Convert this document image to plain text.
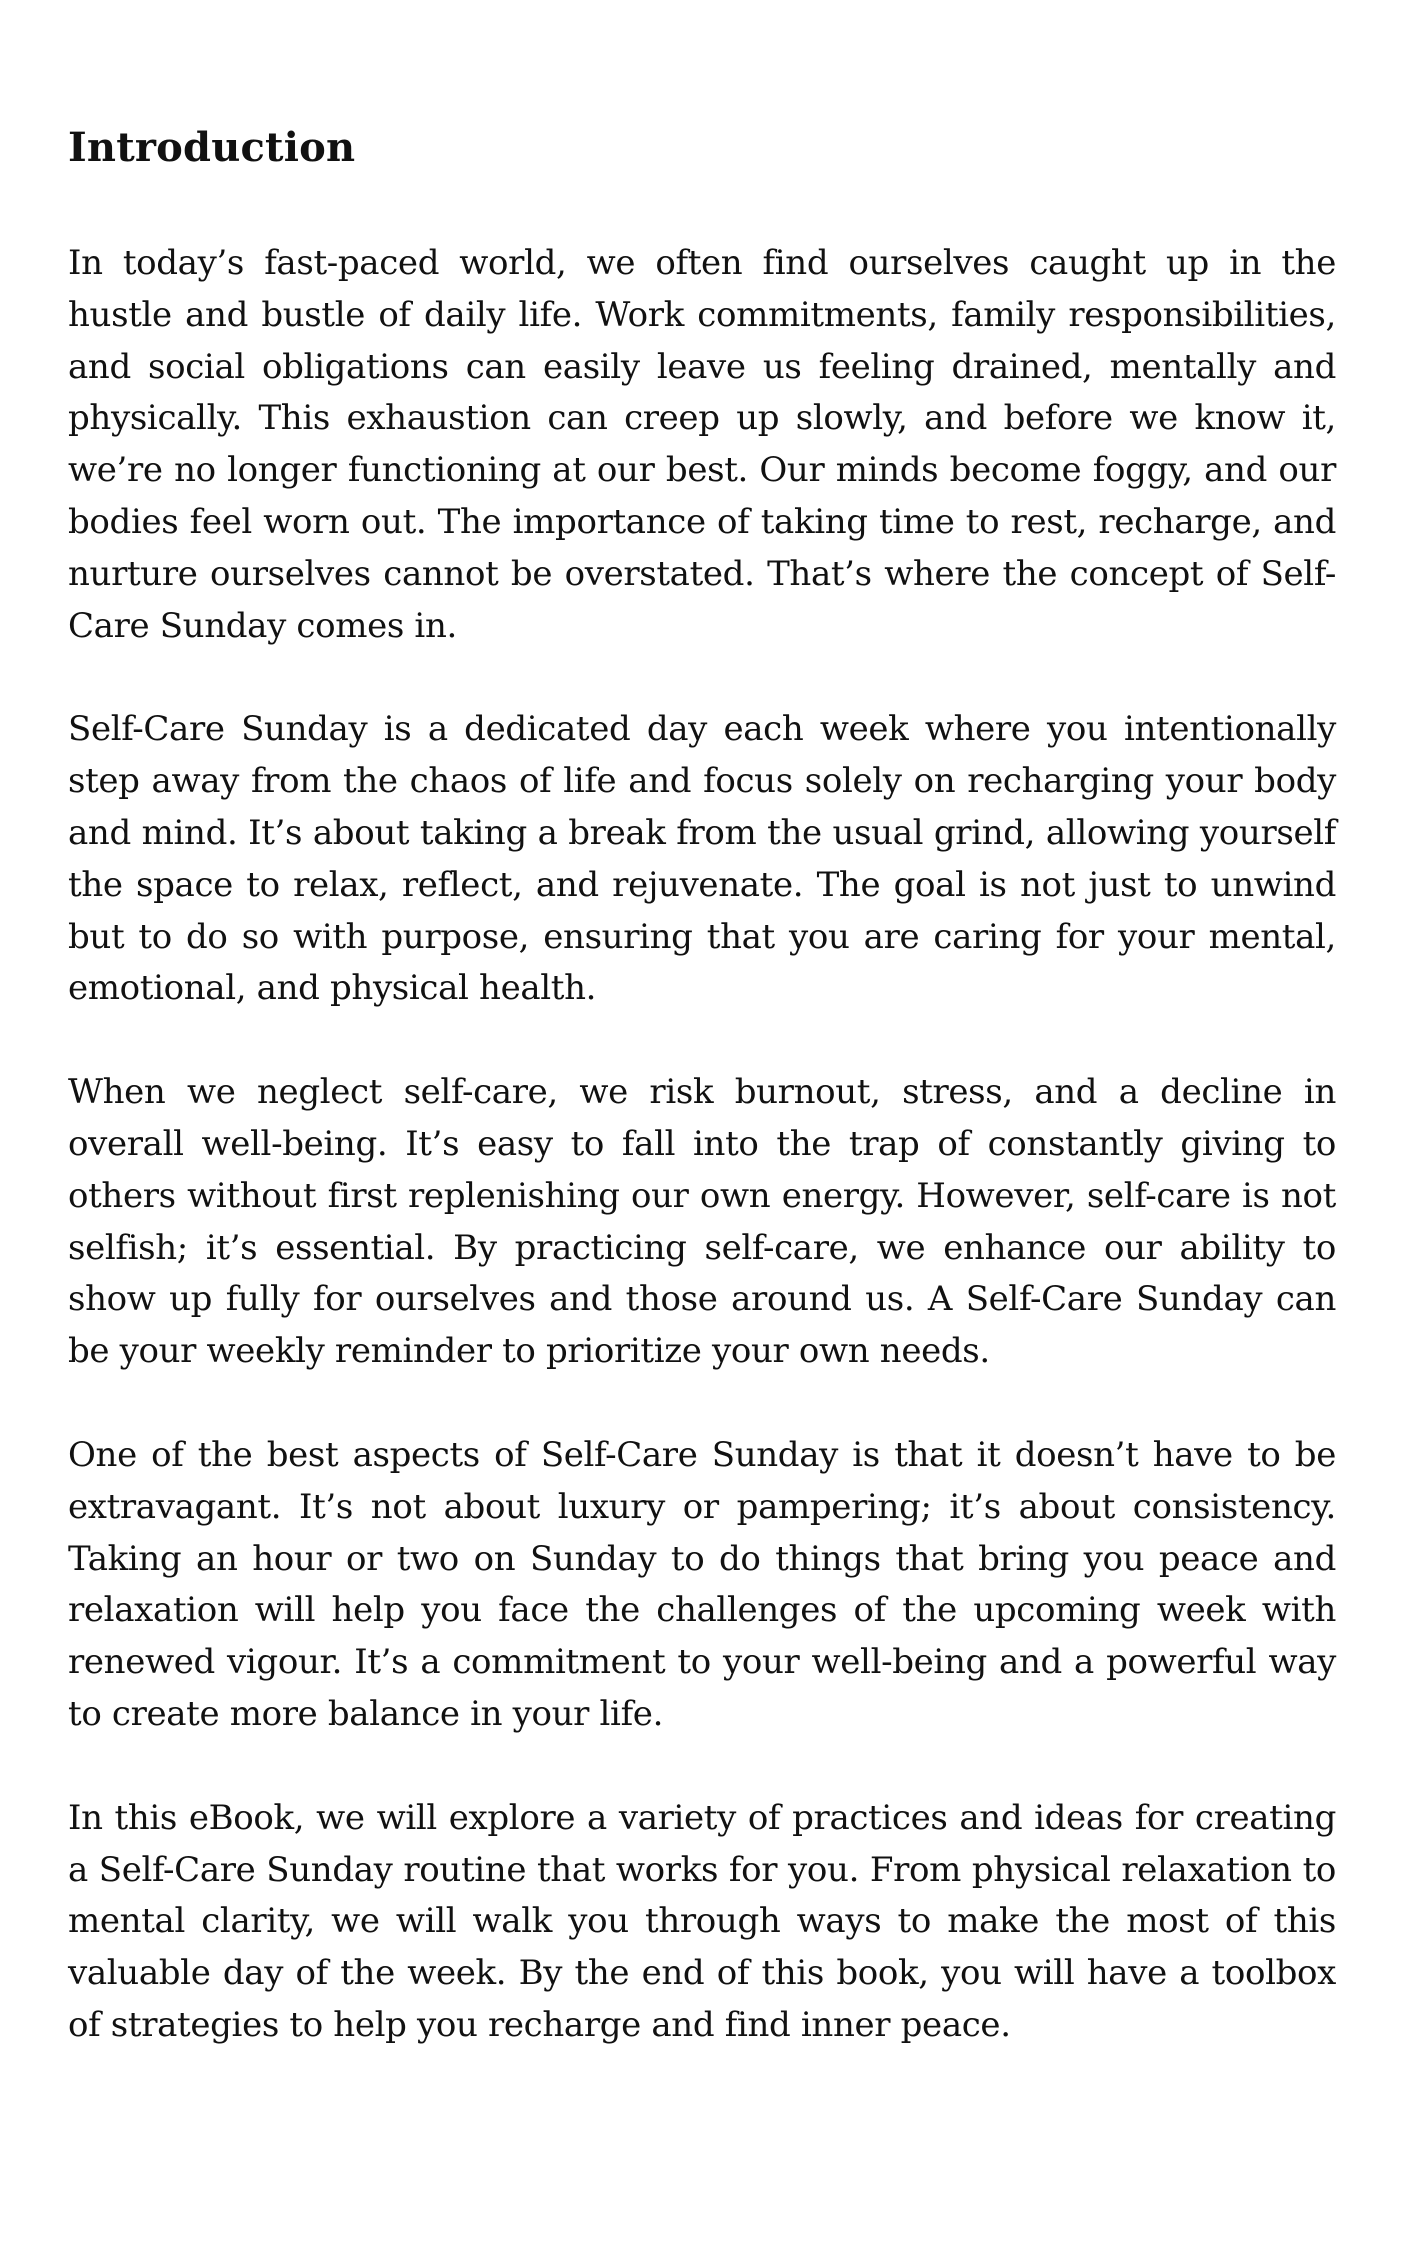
Introduction

In today’s fast-paced world, we often find ourselves caught up in the hustle and bustle of daily life. Work commitments, family responsibilities, and social obligations can easily leave us feeling drained, mentally and physically. This exhaustion can creep up slowly, and before we know it, we’re no longer functioning at our best. Our minds become foggy, and our bodies feel worn out. The importance of taking time to rest, recharge, and nurture ourselves cannot be overstated. That’s where the concept of Self-Care Sunday comes in.

Self-Care Sunday is a dedicated day each week where you intentionally step away from the chaos of life and focus solely on recharging your body and mind. It’s about taking a break from the usual grind, allowing yourself the space to relax, reflect, and rejuvenate. The goal is not just to unwind but to do so with purpose, ensuring that you are caring for your mental, emotional, and physical health.

When we neglect self-care, we risk burnout, stress, and a decline in overall well-being. It’s easy to fall into the trap of constantly giving to others without first replenishing our own energy. However, self-care is not selfish; it’s essential. By practicing self-care, we enhance our ability to show up fully for ourselves and those around us. A Self-Care Sunday can be your weekly reminder to prioritize your own needs.

One of the best aspects of Self-Care Sunday is that it doesn’t have to be extravagant. It’s not about luxury or pampering; it’s about consistency. Taking an hour or two on Sunday to do things that bring you peace and relaxation will help you face the challenges of the upcoming week with renewed vigour. It’s a commitment to your well-being and a powerful way to create more balance in your life.

In this eBook, we will explore a variety of practices and ideas for creating a Self-Care Sunday routine that works for you. From physical relaxation to mental clarity, we will walk you through ways to make the most of this valuable day of the week. By the end of this book, you will have a toolbox of strategies to help you recharge and find inner peace.
